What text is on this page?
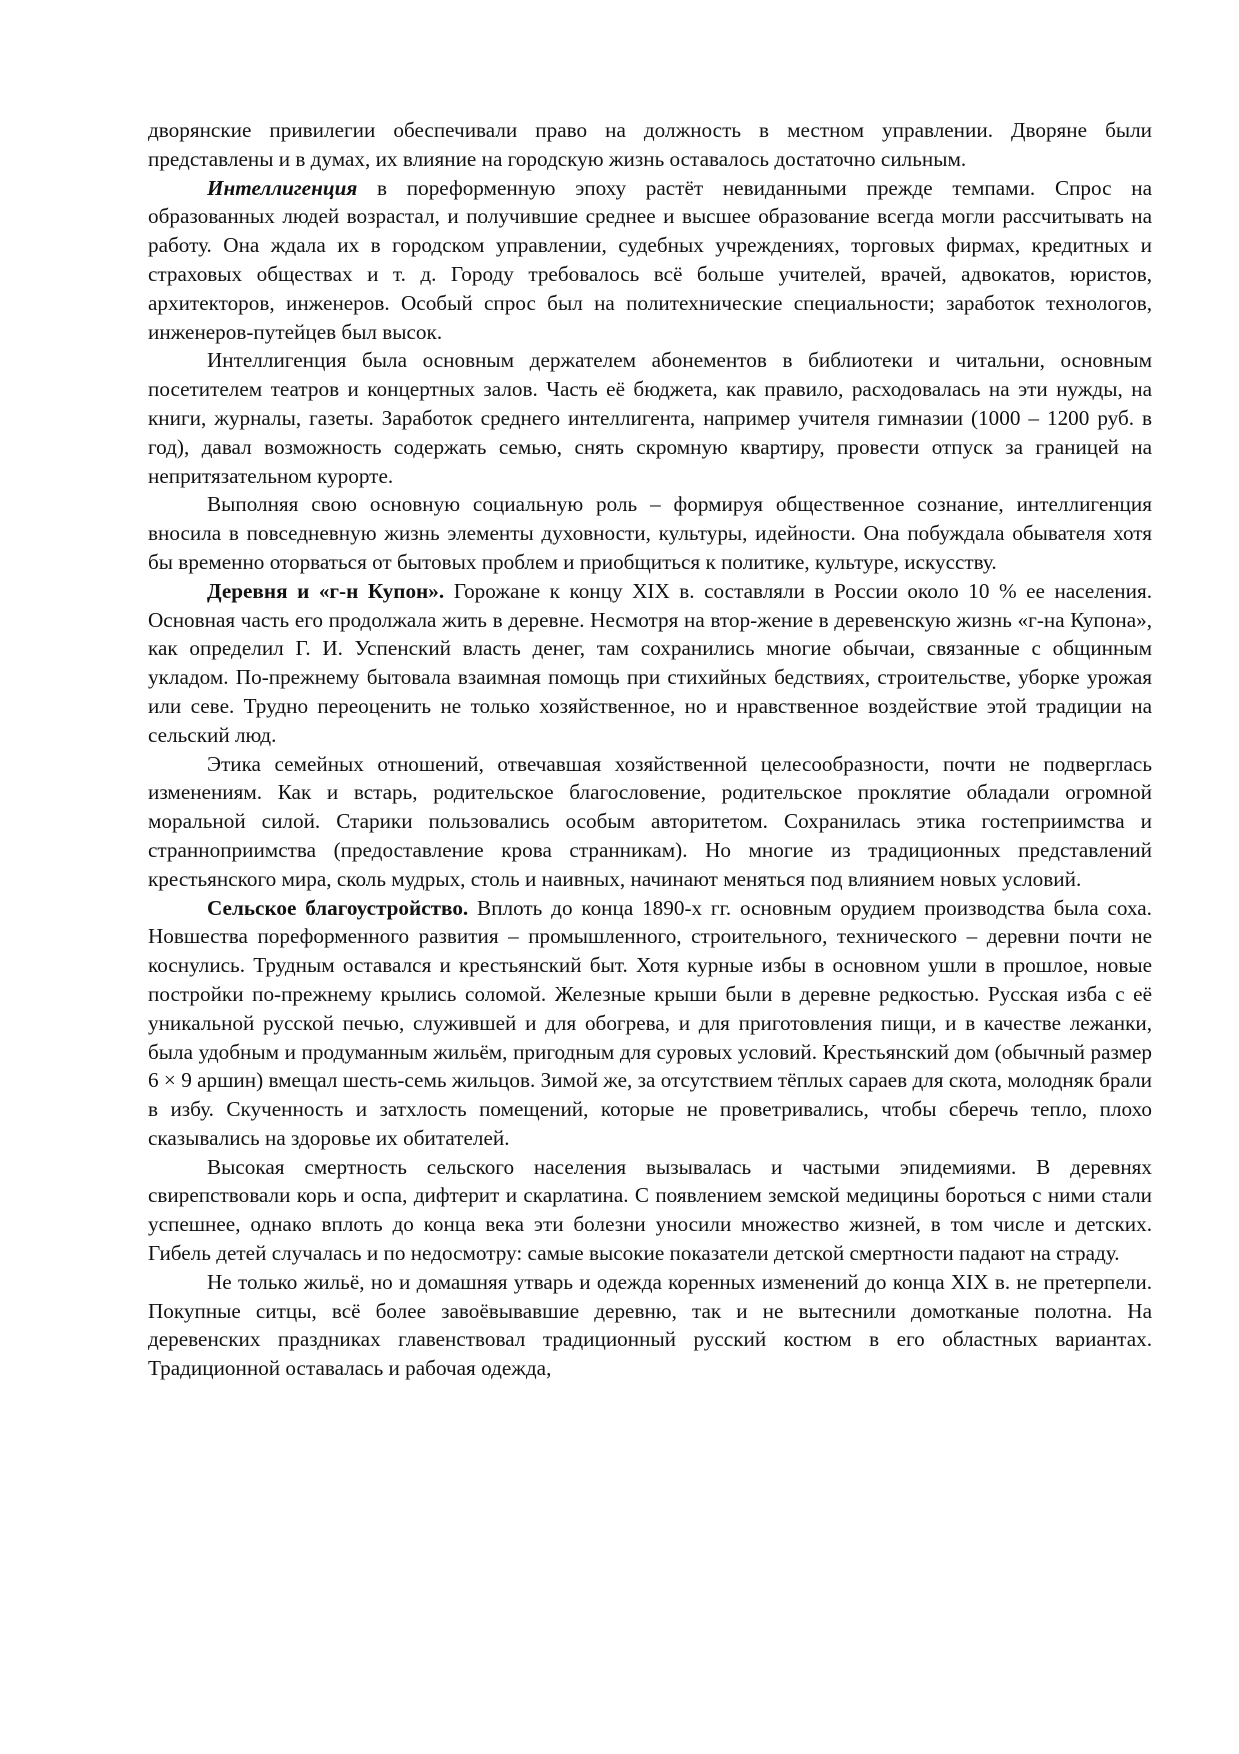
дворянские привилегии обеспечивали право на должность в местном управлении. Дворяне были представлены и в думах, их влияние на городскую жизнь оставалось достаточно сильным.

Интеллигенция в пореформенную эпоху растёт невиданными прежде темпами. Спрос на образованных людей возрастал, и получившие среднее и высшее образование всегда могли рассчитывать на работу. Она ждала их в городском управлении, судебных учреждениях, торговых фирмах, кредитных и страховых обществах и т. д. Городу требовалось всё больше учителей, врачей, адвокатов, юристов, архитекторов, инженеров. Особый спрос был на политехнические специальности; заработок технологов, инженеров-путейцев был высок.

Интеллигенция была основным держателем абонементов в библиотеки и читальни, основным посетителем театров и концертных залов. Часть её бюджета, как правило, расходовалась на эти нужды, на книги, журналы, газеты. Заработок среднего интеллигента, например учителя гимназии (1000 – 1200 руб. в год), давал возможность содержать семью, снять скромную квартиру, провести отпуск за границей на непритязательном курорте.

Выполняя свою основную социальную роль – формируя общественное сознание, интеллигенция вносила в повседневную жизнь элементы духовности, культуры, идейности. Она побуждала обывателя хотя бы временно оторваться от бытовых проблем и приобщиться к политике, культуре, искусству.

Деревня и «г-н Купон». Горожане к концу XIX в. составляли в России около 10 % ее населения. Основная часть его продолжала жить в деревне. Несмотря на втор-жение в деревенскую жизнь «г-на Купона», как определил Г. И. Успенский власть денег, там сохранились многие обычаи, связанные с общинным укладом. По-прежнему бытовала взаимная помощь при стихийных бедствиях, строительстве, уборке урожая или севе. Трудно переоценить не только хозяйственное, но и нравственное воздействие этой традиции на сельский люд.

Этика семейных отношений, отвечавшая хозяйственной целесообразности, почти не подверглась изменениям. Как и встарь, родительское благословение, родительское проклятие обладали огромной моральной силой. Старики пользовались особым авторитетом. Сохранилась этика гостеприимства и странноприимства (предоставление крова странникам). Но многие из традиционных представлений крестьянского мира, сколь мудрых, столь и наивных, начинают меняться под влиянием новых условий.

Сельское благоустройство. Вплоть до конца 1890-х гг. основным орудием производства была соха. Новшества пореформенного развития – промышленного, строительного, технического – деревни почти не коснулись. Трудным оставался и крестьянский быт. Хотя курные избы в основном ушли в прошлое, новые постройки по-прежнему крылись соломой. Железные крыши были в деревне редкостью. Русская изба с её уникальной русской печью, служившей и для обогрева, и для приготовления пищи, и в качестве лежанки, была удобным и продуманным жильём, пригодным для суровых условий. Крестьянский дом (обычный размер 6 × 9 аршин) вмещал шесть-семь жильцов. Зимой же, за отсутствием тёплых сараев для скота, молодняк брали в избу. Скученность и затхлость помещений, которые не проветривались, чтобы сберечь тепло, плохо сказывались на здоровье их обитателей.

Высокая смертность сельского населения вызывалась и частыми эпидемиями. В деревнях свирепствовали корь и оспа, дифтерит и скарлатина. С появлением земской медицины бороться с ними стали успешнее, однако вплоть до конца века эти болезни уносили множество жизней, в том числе и детских. Гибель детей случалась и по недосмотру: самые высокие показатели детской смертности падают на страду.

Не только жильё, но и домашняя утварь и одежда коренных изменений до конца XIX в. не претерпели. Покупные ситцы, всё более завоёвывавшие деревню, так и не вытеснили домотканые полотна. На деревенских праздниках главенствовал традиционный русский костюм в его областных вариантах. Традиционной оставалась и рабочая одежда,
